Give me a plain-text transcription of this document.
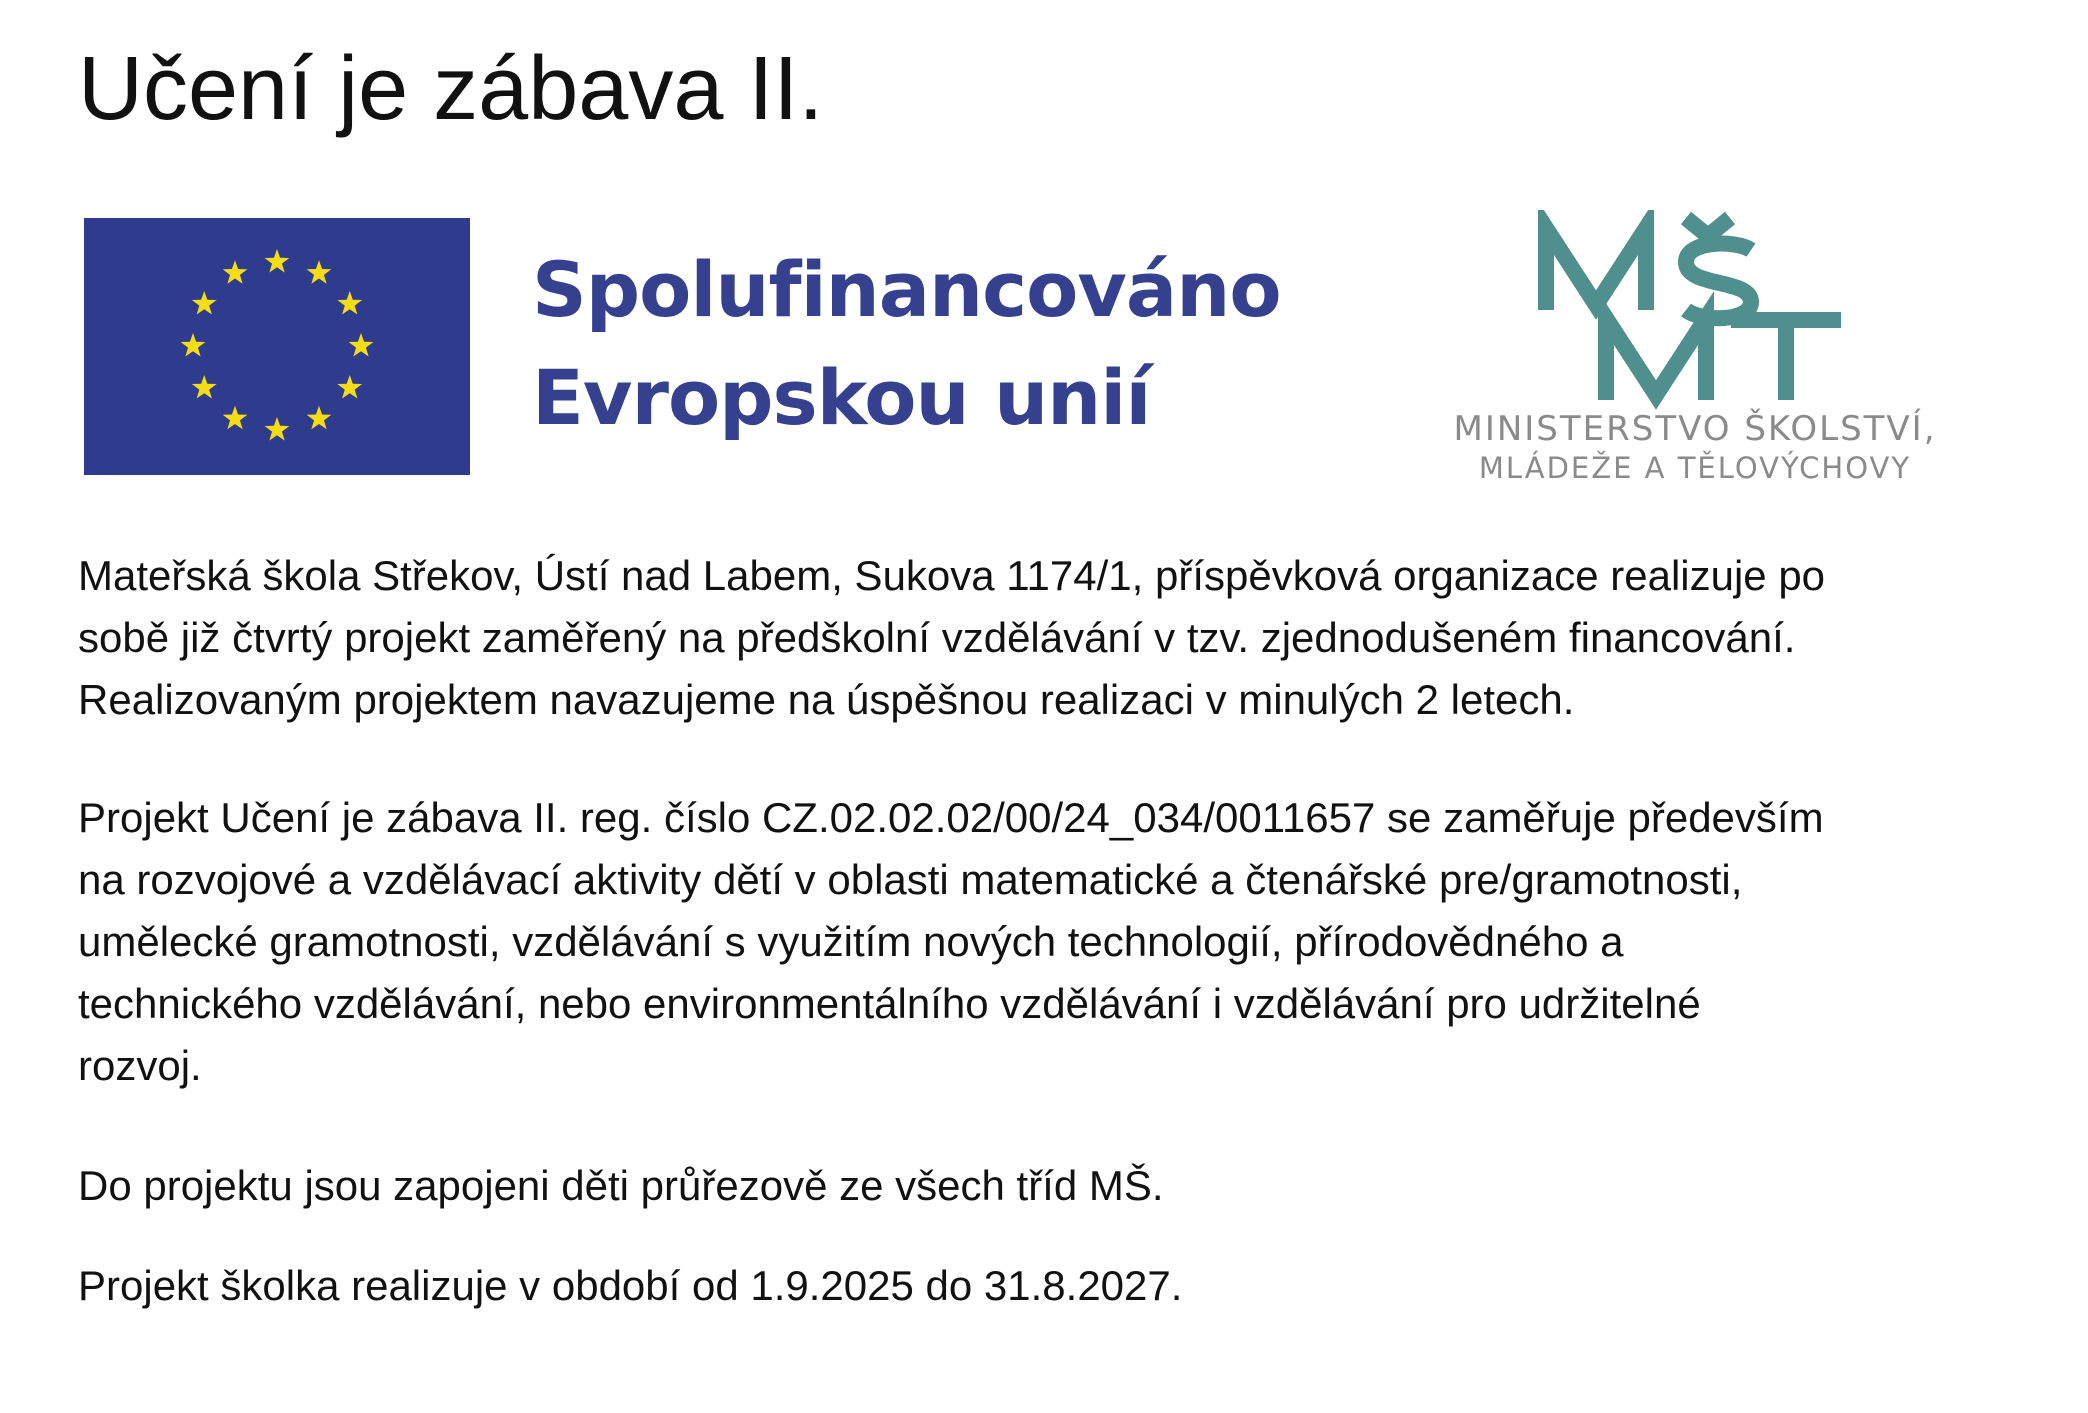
Učení je zábava II.
Spolufinancováno
Evropskou unií	MINISTERSTVO ŠKOLSTVÍ,
MLÁDEŽE A TĚLOVÝCHOVY

Mateřská škola Střekov, Ústí nad Labem, Sukova 1174/1, příspěvková organizace realizuje po
sobě již čtvrtý projekt zaměřený na předškolní vzdělávání v tzv. zjednodušeném financování.
Realizovaným projektem navazujeme na úspěšnou realizaci v minulých 2 letech.

Projekt Učení je zábava II. reg. číslo CZ.02.02.02/00/24_034/0011657 se zaměřuje především
na rozvojové a vzdělávací aktivity dětí v oblasti matematické a čtenářské pre/gramotnosti,
umělecké gramotnosti, vzdělávání s využitím nových technologií, přírodovědného a
technického vzdělávání, nebo environmentálního vzdělávání i vzdělávání pro udržitelné
rozvoj.

Do projektu jsou zapojeni děti průřezově ze všech tříd MŠ.

Projekt školka realizuje v období od 1.9.2025 do 31.8.2027.
